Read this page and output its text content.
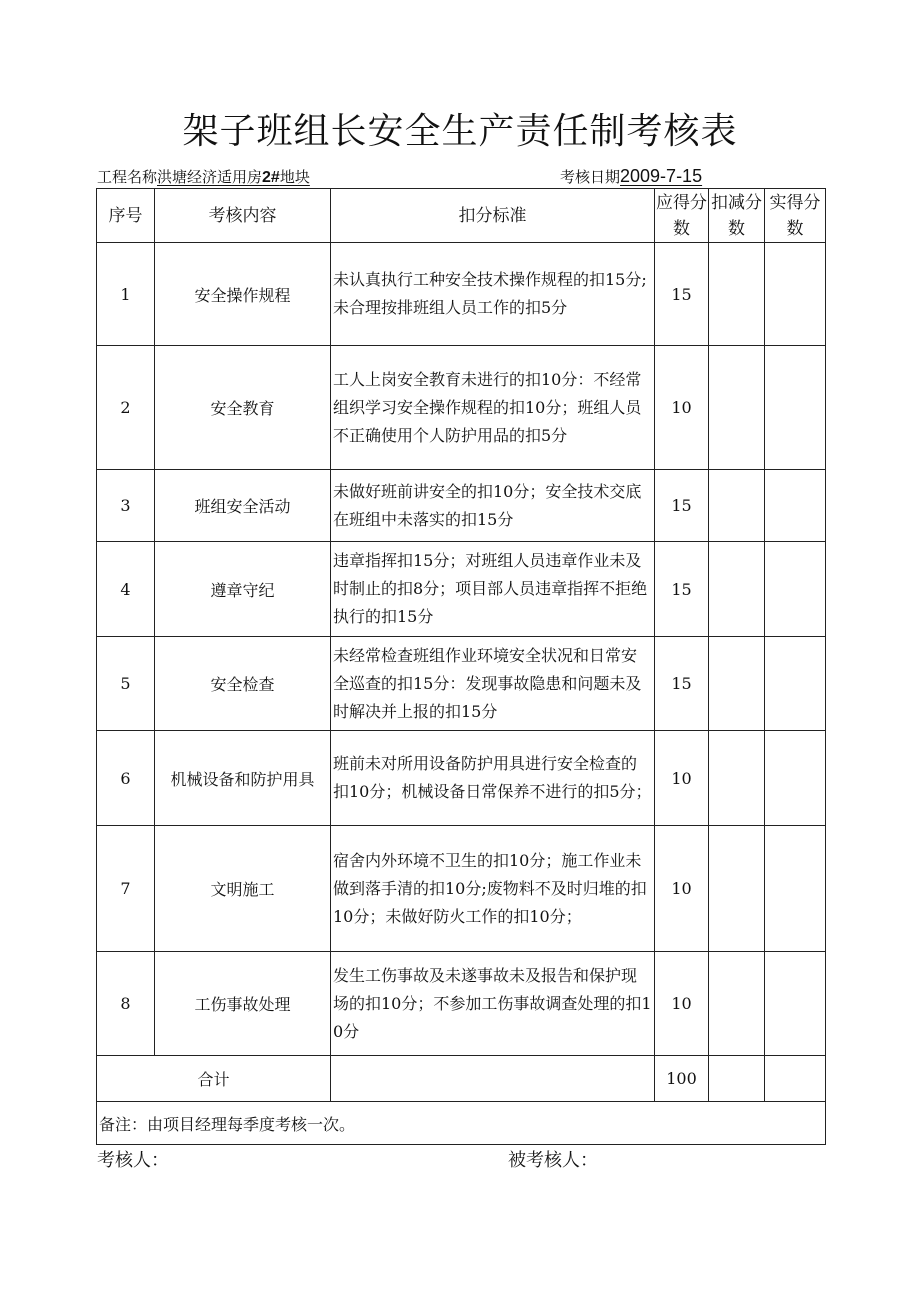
架子班组长安全生产责任制考核表
工程名称洪塘经济适用房2#地块	考核日期2009-7-15
序号	考核内容	扣分标准	应得分数	扣减分数	实得分数
1	安全操作规程	未认真执行工种安全技术操作规程的扣15分;未合理按排班组人员工作的扣5分	15		
2	安全教育	工人上岗安全教育未进行的扣10分：不经常组织学习安全操作规程的扣10分；班组人员不正确使用个人防护用品的扣5分	10		
3	班组安全活动	未做好班前讲安全的扣10分；安全技术交底在班组中未落实的扣15分	15		
4	遵章守纪	违章指挥扣15分；对班组人员违章作业未及时制止的扣8分；项目部人员违章指挥不拒绝执行的扣15分	15		
5	安全检查	未经常检查班组作业环境安全状况和日常安全巡查的扣15分：发现事故隐患和问题未及时解决并上报的扣15分	15		
6	机械设备和防护用具	班前未对所用设备防护用具进行安全检查的扣10分；机械设备日常保养不进行的扣5分；	10		
7	文明施工	宿舍内外环境不卫生的扣10分；施工作业未做到落手清的扣10分;废物料不及时归堆的扣10分；未做好防火工作的扣10分；	10		
8	工伤事故处理	发生工伤事故及未遂事故未及报告和保护现场的扣10分；不参加工伤事故调查处理的扣10分	10		
合计			100		
备注：由项目经理每季度考核一次。					
考核人：	被考核人：
